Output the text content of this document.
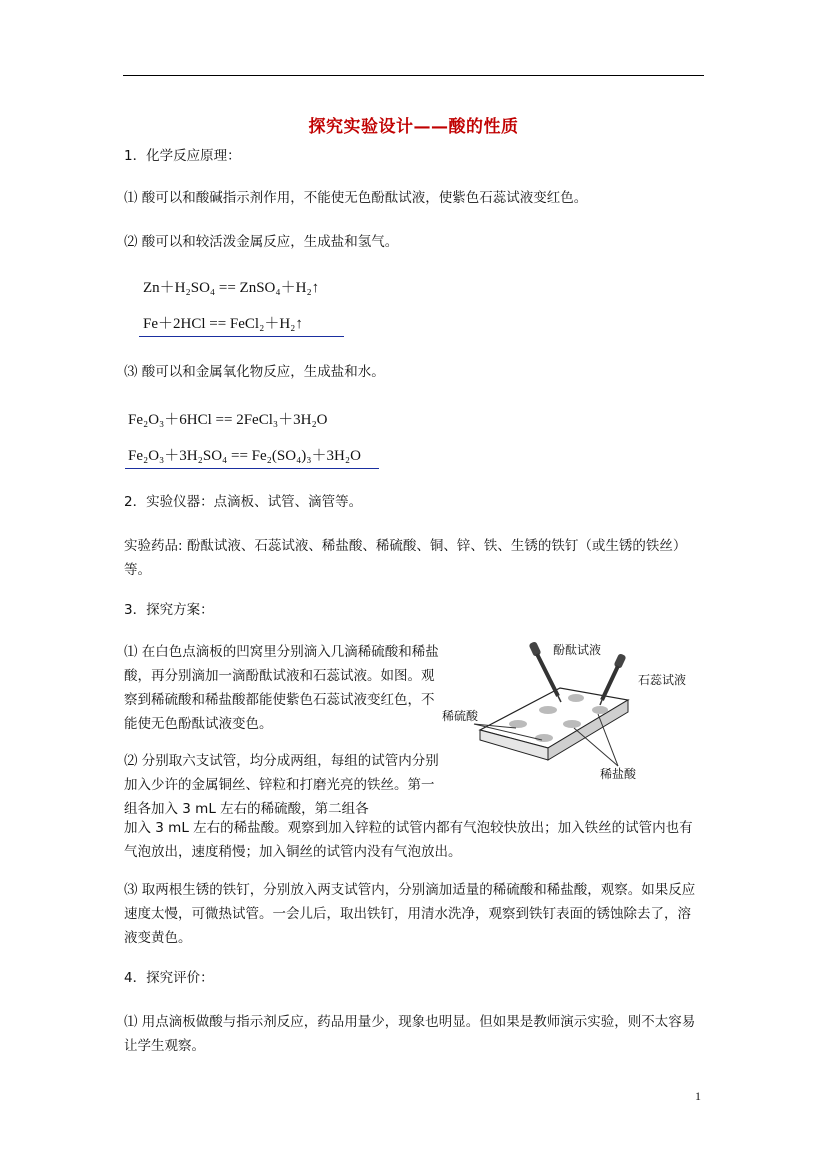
探究实验设计——酸的性质
1．化学反应原理：
⑴ 酸可以和酸碱指示剂作用，不能使无色酚酞试液，使紫色石蕊试液变红色。
⑵ 酸可以和较活泼金属反应，生成盐和氢气。
Zn＋H₂SO₄ == ZnSO₄＋H₂↑
Fe＋2HCl == FeCl₂＋H₂↑
⑶ 酸可以和金属氧化物反应，生成盐和水。
Fe₂O₃＋6HCl == 2FeCl₃＋3H₂O
Fe₂O₃＋3H₂SO₄ == Fe₂(SO₄)₃＋3H₂O
2．实验仪器：点滴板、试管、滴管等。
实验药品: 酚酞试液、石蕊试液、稀盐酸、稀硫酸、铜、锌、铁、生锈的铁钉（或生锈的铁丝）等。
3．探究方案：
⑴ 在白色点滴板的凹窝里分别滴入几滴稀硫酸和稀盐酸，再分别滴加一滴酚酞试液和石蕊试液。如图。观察到稀硫酸和稀盐酸都能使紫色石蕊试液变红色，不能使无色酚酞试液变色。
⑵ 分别取六支试管，均分成两组，每组的试管内分别加入少许的金属铜丝、锌粒和打磨光亮的铁丝。第一组各加入 3 mL 左右的稀硫酸，第二组各
加入 3 mL 左右的稀盐酸。观察到加入锌粒的试管内都有气泡较快放出；加入铁丝的试管内也有气泡放出，速度稍慢；加入铜丝的试管内没有气泡放出。
⑶ 取两根生锈的铁钉，分别放入两支试管内，分别滴加适量的稀硫酸和稀盐酸，观察。如果反应速度太慢，可微热试管。一会儿后，取出铁钉，用清水洗净，观察到铁钉表面的锈蚀除去了，溶液变黄色。
4．探究评价：
⑴ 用点滴板做酸与指示剂反应，药品用量少，现象也明显。但如果是教师演示实验，则不太容易让学生观察。
酚酞试液
石蕊试液
稀硫酸
稀盐酸
1
